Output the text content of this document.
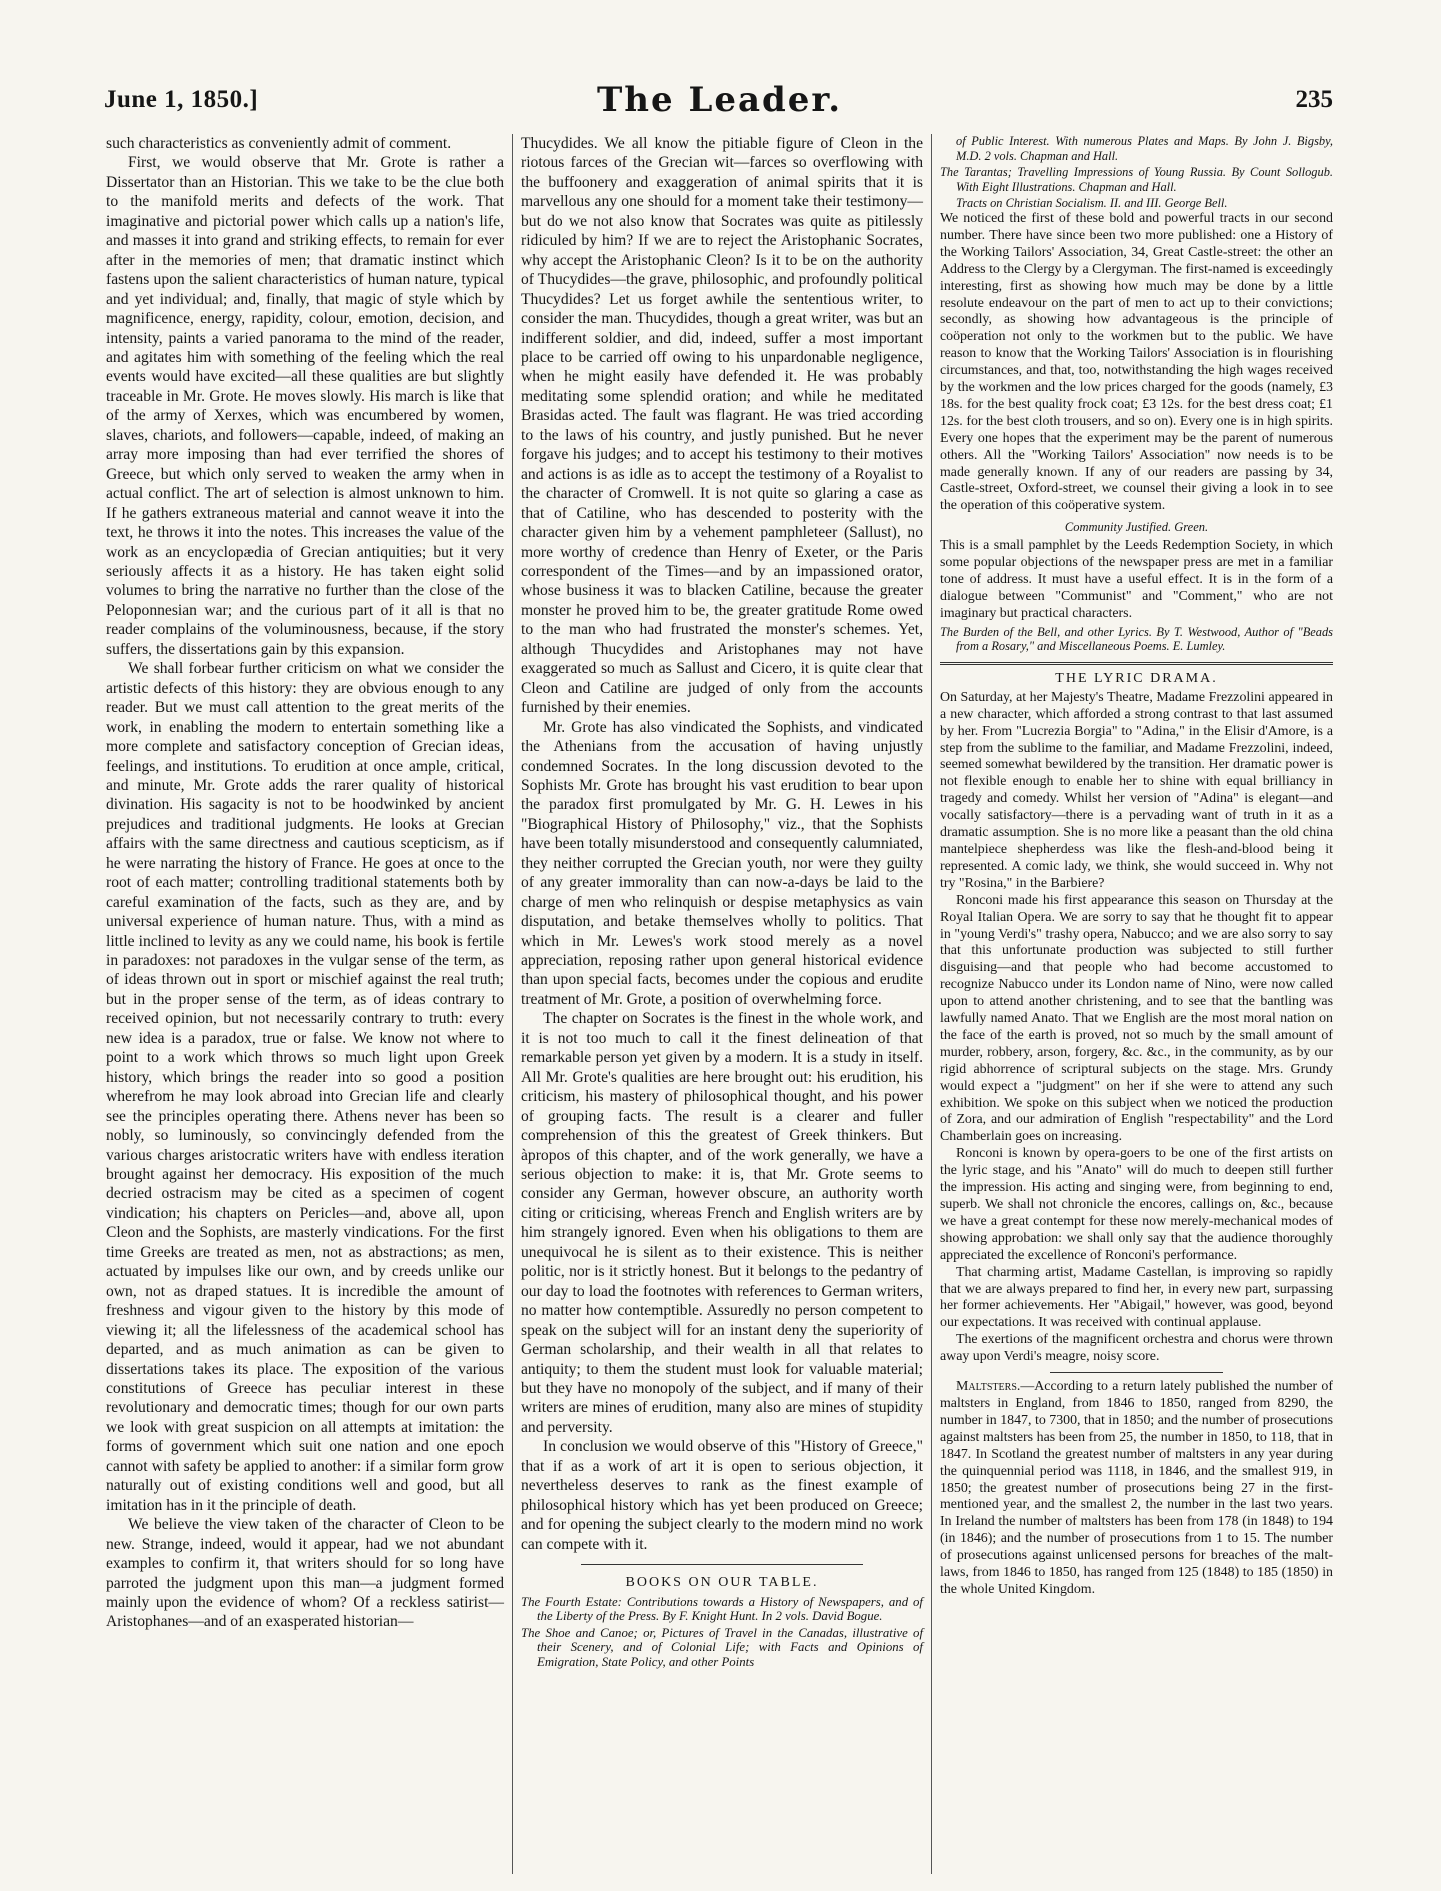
June 1, 1850.]	The Leader.	235

such characteristics as conveniently admit of comment.

First, we would observe that Mr. Grote is rather a Dissertator than an Historian. This we take to be the clue both to the manifold merits and defects of the work. That imaginative and pictorial power which calls up a nation's life, and masses it into grand and striking effects, to remain for ever after in the memories of men; that dramatic instinct which fastens upon the salient characteristics of human nature, typical and yet individual; and, finally, that magic of style which by magnificence, energy, rapidity, colour, emotion, decision, and intensity, paints a varied panorama to the mind of the reader, and agitates him with something of the feeling which the real events would have excited—all these qualities are but slightly traceable in Mr. Grote. He moves slowly. His march is like that of the army of Xerxes, which was encumbered by women, slaves, chariots, and followers—capable, indeed, of making an array more imposing than had ever terrified the shores of Greece, but which only served to weaken the army when in actual conflict. The art of selection is almost unknown to him. If he gathers extraneous material and cannot weave it into the text, he throws it into the notes. This increases the value of the work as an encyclopædia of Grecian antiquities; but it very seriously affects it as a history. He has taken eight solid volumes to bring the narrative no further than the close of the Peloponnesian war; and the curious part of it all is that no reader complains of the voluminousness, because, if the story suffers, the dissertations gain by this expansion.

We shall forbear further criticism on what we consider the artistic defects of this history: they are obvious enough to any reader. But we must call attention to the great merits of the work, in enabling the modern to entertain something like a more complete and satisfactory conception of Grecian ideas, feelings, and institutions. To erudition at once ample, critical, and minute, Mr. Grote adds the rarer quality of historical divination. His sagacity is not to be hoodwinked by ancient prejudices and traditional judgments. He looks at Grecian affairs with the same directness and cautious scepticism, as if he were narrating the history of France. He goes at once to the root of each matter; controlling traditional statements both by careful examination of the facts, such as they are, and by universal experience of human nature. Thus, with a mind as little inclined to levity as any we could name, his book is fertile in paradoxes: not paradoxes in the vulgar sense of the term, as of ideas thrown out in sport or mischief against the real truth; but in the proper sense of the term, as of ideas contrary to received opinion, but not necessarily contrary to truth: every new idea is a paradox, true or false. We know not where to point to a work which throws so much light upon Greek history, which brings the reader into so good a position wherefrom he may look abroad into Grecian life and clearly see the principles operating there. Athens never has been so nobly, so luminously, so convincingly defended from the various charges aristocratic writers have with endless iteration brought against her democracy. His exposition of the much decried ostracism may be cited as a specimen of cogent vindication; his chapters on Pericles—and, above all, upon Cleon and the Sophists, are masterly vindications. For the first time Greeks are treated as men, not as abstractions; as men, actuated by impulses like our own, and by creeds unlike our own, not as draped statues. It is incredible the amount of freshness and vigour given to the history by this mode of viewing it; all the lifelessness of the academical school has departed, and as much animation as can be given to dissertations takes its place. The exposition of the various constitutions of Greece has peculiar interest in these revolutionary and democratic times; though for our own parts we look with great suspicion on all attempts at imitation: the forms of government which suit one nation and one epoch cannot with safety be applied to another: if a similar form grow naturally out of existing conditions well and good, but all imitation has in it the principle of death.

We believe the view taken of the character of Cleon to be new. Strange, indeed, would it appear, had we not abundant examples to confirm it, that writers should for so long have parroted the judgment upon this man—a judgment formed mainly upon the evidence of whom? Of a reckless satirist—Aristophanes—and of an exasperated historian—

Thucydides. We all know the pitiable figure of Cleon in the riotous farces of the Grecian wit—farces so overflowing with the buffoonery and exaggeration of animal spirits that it is marvellous any one should for a moment take their testimony—but do we not also know that Socrates was quite as pitilessly ridiculed by him? If we are to reject the Aristophanic Socrates, why accept the Aristophanic Cleon? Is it to be on the authority of Thucydides—the grave, philosophic, and profoundly political Thucydides? Let us forget awhile the sententious writer, to consider the man. Thucydides, though a great writer, was but an indifferent soldier, and did, indeed, suffer a most important place to be carried off owing to his unpardonable negligence, when he might easily have defended it. He was probably meditating some splendid oration; and while he meditated Brasidas acted. The fault was flagrant. He was tried according to the laws of his country, and justly punished. But he never forgave his judges; and to accept his testimony to their motives and actions is as idle as to accept the testimony of a Royalist to the character of Cromwell. It is not quite so glaring a case as that of Catiline, who has descended to posterity with the character given him by a vehement pamphleteer (Sallust), no more worthy of credence than Henry of Exeter, or the Paris correspondent of the Times—and by an impassioned orator, whose business it was to blacken Catiline, because the greater monster he proved him to be, the greater gratitude Rome owed to the man who had frustrated the monster's schemes. Yet, although Thucydides and Aristophanes may not have exaggerated so much as Sallust and Cicero, it is quite clear that Cleon and Catiline are judged of only from the accounts furnished by their enemies.

Mr. Grote has also vindicated the Sophists, and vindicated the Athenians from the accusation of having unjustly condemned Socrates. In the long discussion devoted to the Sophists Mr. Grote has brought his vast erudition to bear upon the paradox first promulgated by Mr. G. H. Lewes in his "Biographical History of Philosophy," viz., that the Sophists have been totally misunderstood and consequently calumniated, they neither corrupted the Grecian youth, nor were they guilty of any greater immorality than can now-a-days be laid to the charge of men who relinquish or despise metaphysics as vain disputation, and betake themselves wholly to politics. That which in Mr. Lewes's work stood merely as a novel appreciation, reposing rather upon general historical evidence than upon special facts, becomes under the copious and erudite treatment of Mr. Grote, a position of overwhelming force.

The chapter on Socrates is the finest in the whole work, and it is not too much to call it the finest delineation of that remarkable person yet given by a modern. It is a study in itself. All Mr. Grote's qualities are here brought out: his erudition, his criticism, his mastery of philosophical thought, and his power of grouping facts. The result is a clearer and fuller comprehension of this the greatest of Greek thinkers. But àpropos of this chapter, and of the work generally, we have a serious objection to make: it is, that Mr. Grote seems to consider any German, however obscure, an authority worth citing or criticising, whereas French and English writers are by him strangely ignored. Even when his obligations to them are unequivocal he is silent as to their existence. This is neither politic, nor is it strictly honest. But it belongs to the pedantry of our day to load the footnotes with references to German writers, no matter how contemptible. Assuredly no person competent to speak on the subject will for an instant deny the superiority of German scholarship, and their wealth in all that relates to antiquity; to them the student must look for valuable material; but they have no monopoly of the subject, and if many of their writers are mines of erudition, many also are mines of stupidity and perversity.

In conclusion we would observe of this "History of Greece," that if as a work of art it is open to serious objection, it nevertheless deserves to rank as the finest example of philosophical history which has yet been produced on Greece; and for opening the subject clearly to the modern mind no work can compete with it.

BOOKS ON OUR TABLE.
The Fourth Estate: Contributions towards a History of Newspapers, and of the Liberty of the Press. By F. Knight Hunt. In 2 vols. David Bogue.
The Shoe and Canoe; or, Pictures of Travel in the Canadas, illustrative of their Scenery, and of Colonial Life; with Facts and Opinions of Emigration, State Policy, and other Points
of Public Interest. With numerous Plates and Maps. By John J. Bigsby, M.D. 2 vols. Chapman and Hall.
The Tarantas; Travelling Impressions of Young Russia. By Count Sollogub. With Eight Illustrations. Chapman and Hall.
Tracts on Christian Socialism. II. and III. George Bell.

We noticed the first of these bold and powerful tracts in our second number. There have since been two more published: one a History of the Working Tailors' Association, 34, Great Castle-street: the other an Address to the Clergy by a Clergyman. The first-named is exceedingly interesting, first as showing how much may be done by a little resolute endeavour on the part of men to act up to their convictions; secondly, as showing how advantageous is the principle of coöperation not only to the workmen but to the public. We have reason to know that the Working Tailors' Association is in flourishing circumstances, and that, too, notwithstanding the high wages received by the workmen and the low prices charged for the goods (namely, £3 18s. for the best quality frock coat; £3 12s. for the best dress coat; £1 12s. for the best cloth trousers, and so on). Every one is in high spirits. Every one hopes that the experiment may be the parent of numerous others. All the "Working Tailors' Association" now needs is to be made generally known. If any of our readers are passing by 34, Castle-street, Oxford-street, we counsel their giving a look in to see the operation of this coöperative system.

Community Justified. Green.

This is a small pamphlet by the Leeds Redemption Society, in which some popular objections of the newspaper press are met in a familiar tone of address. It must have a useful effect. It is in the form of a dialogue between "Communist" and "Comment," who are not imaginary but practical characters.

The Burden of the Bell, and other Lyrics. By T. Westwood, Author of "Beads from a Rosary," and Miscellaneous Poems. E. Lumley.
THE LYRIC DRAMA.

On Saturday, at her Majesty's Theatre, Madame Frezzolini appeared in a new character, which afforded a strong contrast to that last assumed by her. From "Lucrezia Borgia" to "Adina," in the Elisir d'Amore, is a step from the sublime to the familiar, and Madame Frezzolini, indeed, seemed somewhat bewildered by the transition. Her dramatic power is not flexible enough to enable her to shine with equal brilliancy in tragedy and comedy. Whilst her version of "Adina" is elegant—and vocally satisfactory—there is a pervading want of truth in it as a dramatic assumption. She is no more like a peasant than the old china mantelpiece shepherdess was like the flesh-and-blood being it represented. A comic lady, we think, she would succeed in. Why not try "Rosina," in the Barbiere?

Ronconi made his first appearance this season on Thursday at the Royal Italian Opera. We are sorry to say that he thought fit to appear in "young Verdi's" trashy opera, Nabucco; and we are also sorry to say that this unfortunate production was subjected to still further disguising—and that people who had become accustomed to recognize Nabucco under its London name of Nino, were now called upon to attend another christening, and to see that the bantling was lawfully named Anato. That we English are the most moral nation on the face of the earth is proved, not so much by the small amount of murder, robbery, arson, forgery, &c. &c., in the community, as by our rigid abhorrence of scriptural subjects on the stage. Mrs. Grundy would expect a "judgment" on her if she were to attend any such exhibition. We spoke on this subject when we noticed the production of Zora, and our admiration of English "respectability" and the Lord Chamberlain goes on increasing.

Ronconi is known by opera-goers to be one of the first artists on the lyric stage, and his "Anato" will do much to deepen still further the impression. His acting and singing were, from beginning to end, superb. We shall not chronicle the encores, callings on, &c., because we have a great contempt for these now merely-mechanical modes of showing approbation: we shall only say that the audience thoroughly appreciated the excellence of Ronconi's performance.

That charming artist, Madame Castellan, is improving so rapidly that we are always prepared to find her, in every new part, surpassing her former achievements. Her "Abigail," however, was good, beyond our expectations. It was received with continual applause.

The exertions of the magnificent orchestra and chorus were thrown away upon Verdi's meagre, noisy score.

Maltsters.—According to a return lately published the number of maltsters in England, from 1846 to 1850, ranged from 8290, the number in 1847, to 7300, that in 1850; and the number of prosecutions against maltsters has been from 25, the number in 1850, to 118, that in 1847. In Scotland the greatest number of maltsters in any year during the quinquennial period was 1118, in 1846, and the smallest 919, in 1850; the greatest number of prosecutions being 27 in the first-mentioned year, and the smallest 2, the number in the last two years. In Ireland the number of maltsters has been from 178 (in 1848) to 194 (in 1846); and the number of prosecutions from 1 to 15. The number of prosecutions against unlicensed persons for breaches of the malt-laws, from 1846 to 1850, has ranged from 125 (1848) to 185 (1850) in the whole United Kingdom.
